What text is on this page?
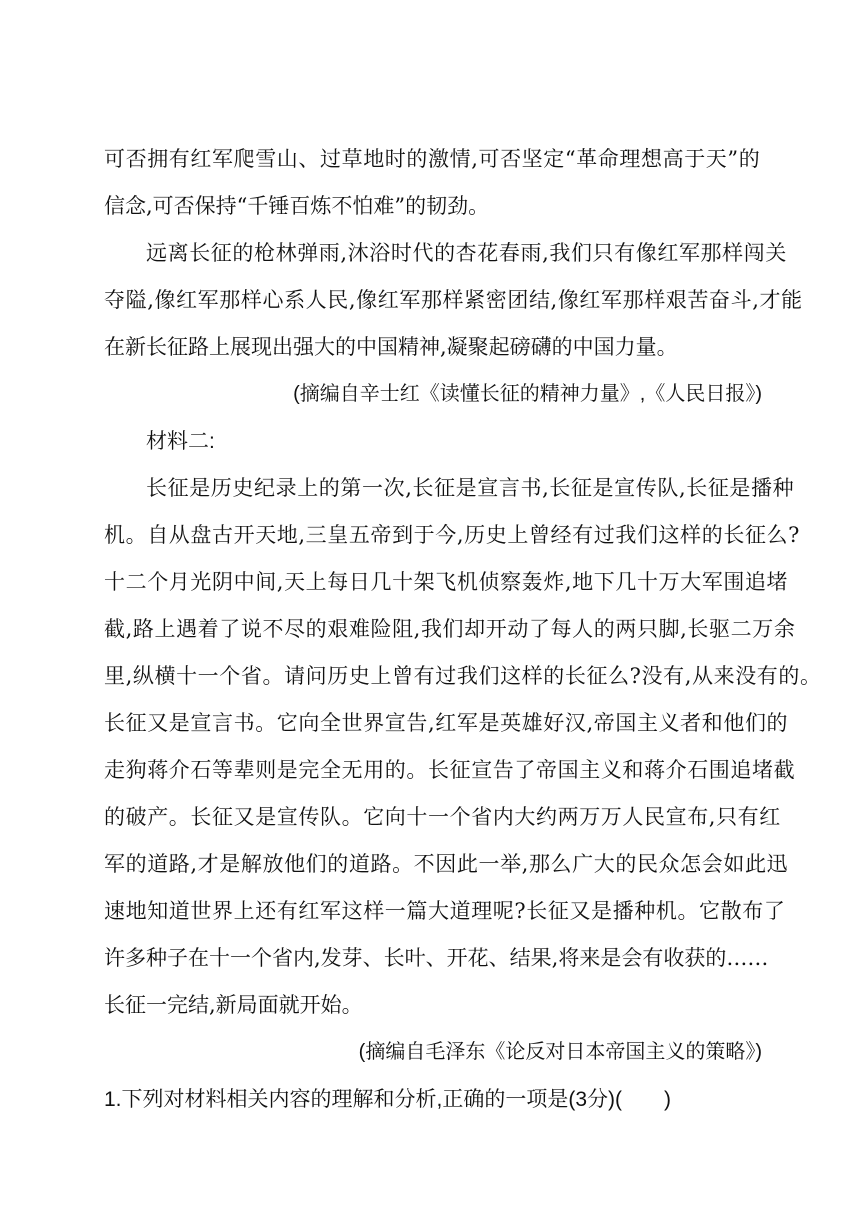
可否拥有红军爬雪山、过草地时的激情,可否坚定“革命理想高于天”的
信念,可否保持“千锤百炼不怕难”的韧劲。
远离长征的枪林弹雨,沐浴时代的杏花春雨,我们只有像红军那样闯关
夺隘,像红军那样心系人民,像红军那样紧密团结,像红军那样艰苦奋斗,才能
在新长征路上展现出强大的中国精神,凝聚起磅礴的中国力量。
(摘编自辛士红《读懂长征的精神力量》,《人民日报》)
材料二:
长征是历史纪录上的第一次,长征是宣言书,长征是宣传队,长征是播种
机。自从盘古开天地,三皇五帝到于今,历史上曾经有过我们这样的长征么?
十二个月光阴中间,天上每日几十架飞机侦察轰炸,地下几十万大军围追堵
截,路上遇着了说不尽的艰难险阻,我们却开动了每人的两只脚,长驱二万余
里,纵横十一个省。请问历史上曾有过我们这样的长征么?没有,从来没有的。
长征又是宣言书。它向全世界宣告,红军是英雄好汉,帝国主义者和他们的
走狗蒋介石等辈则是完全无用的。长征宣告了帝国主义和蒋介石围追堵截
的破产。长征又是宣传队。它向十一个省内大约两万万人民宣布,只有红
军的道路,才是解放他们的道路。不因此一举,那么广大的民众怎会如此迅
速地知道世界上还有红军这样一篇大道理呢?长征又是播种机。它散布了
许多种子在十一个省内,发芽、长叶、开花、结果,将来是会有收获的……
长征一完结,新局面就开始。
(摘编自毛泽东《论反对日本帝国主义的策略》)
1.下列对材料相关内容的理解和分析,正确的一项是(3分)(　　)
